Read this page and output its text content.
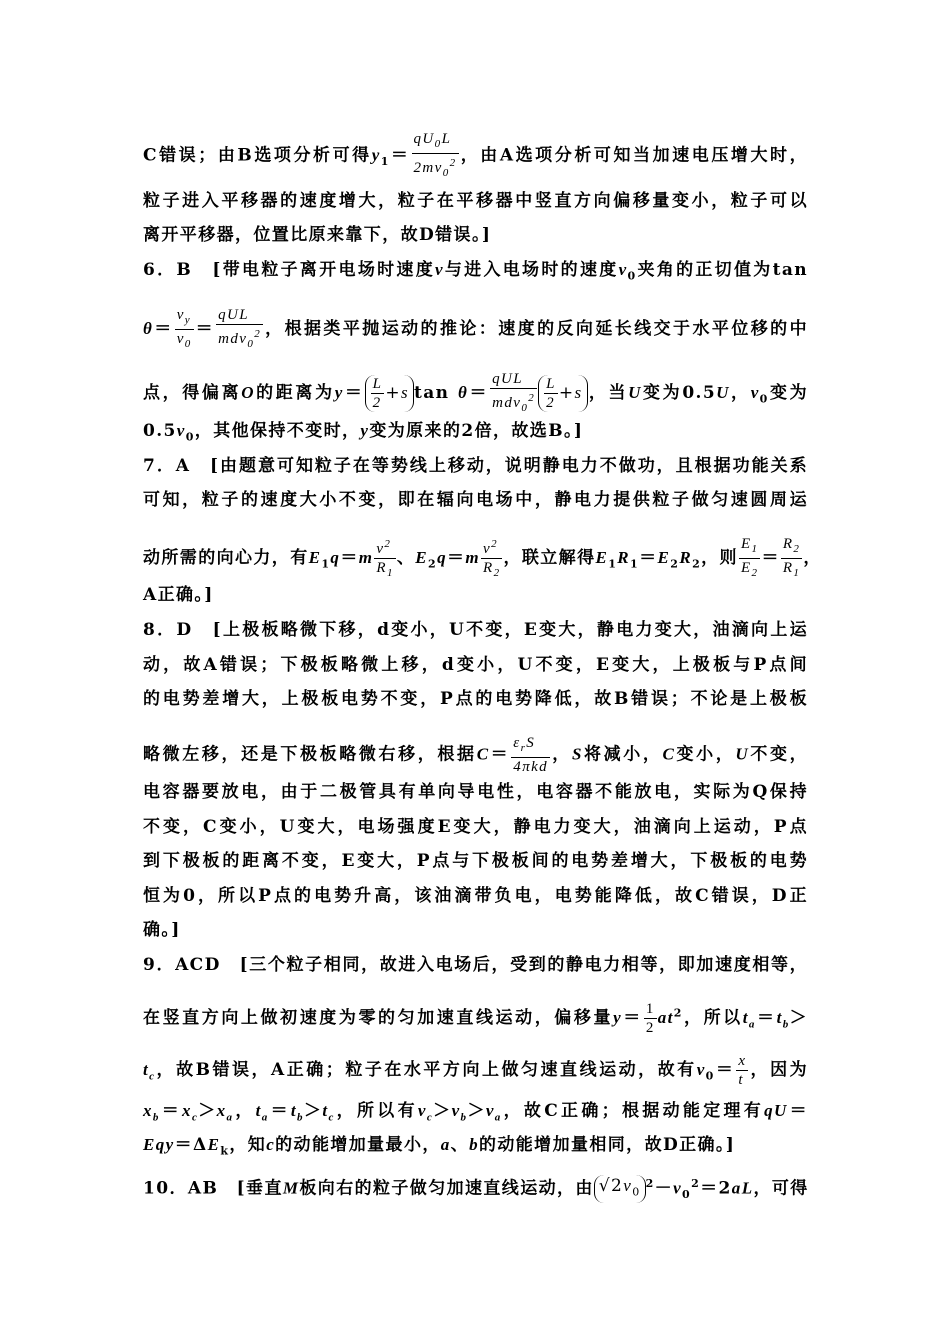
C错误；由B选项分析可得$y_1= \frac{qU_0L}{2mv_0^2}$ ，由A选项分析可知当加速电压增大时，
粒子进入平移器的速度增大，粒子在平移器中竖直方向偏移量变小，粒子可以
离开平移器，位置比原来靠下，故D错误。]
6．B　[带电粒子离开电场时速度v与进入电场时的速度$v_0$夹角的正切值为tan
$\theta= \frac{v_y}{v_0} = \frac{\text{qUL}}{mdv_0^2}$ ，根据类平抛运动的推论：速度的反向延长线交于水平位移的中
点，得偏离O的距离为$y= \frac{L}{2} +s$ $\tan \theta= \frac{\text{qUL}}{mdv_0^2} \frac{L}{2} +s$ ，当U变为0.5U，$v_0$变为
$0.5v_0$，其他保持不变时，y变为原来的2倍，故选B。]
7．A　[由题意可知粒子在等势线上移动，说明静电力不做功，且根据功能关系
可知，粒子的速度大小不变，即在辐向电场中，静电力提供粒子做匀速圆周运
动所需的向心力，有$E_1q=m \frac{v^2}{R_1}$ 、$E_2q=m \frac{v^2}{R_2}$ ，联立解得$E_1R_1=E_2R_2$，则 $\frac{E_1}{E_2} = \frac{R_2}{R_1}$ ，
A正确。]
8．D　[上极板略微下移，d变小，U不变，E变大，静电力变大，油滴向上运
动，故A错误；下极板略微上移，d变小，U不变，E变大，上极板与P点间
的电势差增大，上极板电势不变，P点的电势降低，故B错误；不论是上极板
略微左移，还是下极板略微右移，根据$C= \frac{\varepsilon_rS}{\text{4πkd}}$ ，S将减小，C变小，U不变，
电容器要放电，由于二极管具有单向导电性，电容器不能放电，实际为Q保持
不变，C变小，U变大，电场强度E变大，静电力变大，油滴向上运动，P点
到下极板的距离不变，E变大，P点与下极板间的电势差增大，下极板的电势
恒为0，所以P点的电势升高，该油滴带负电，电势能降低，故C错误，D正
确。]
9．ACD　[三个粒子相同，故进入电场后，受到的静电力相等，即加速度相等，
在竖直方向上做初速度为零的匀加速直线运动，偏移量$y= \frac{1}{2} at^2$，所以$t_a=t_b>$
$t_c$，故B错误，A正确；粒子在水平方向上做匀速直线运动，故有$v_0= \frac{x}{t}$ ，因为
$x_b=x_c>x_a$，$t_a=t_b>t_c$，所以有$v_c>v_b>v_a$，故C正确；根据动能定理有qU＝
$Eqy=\Delta E_k$，知c的动能增加量最小，a、b的动能增加量相同，故D正确。]
10．AB　[垂直M板向右的粒子做匀加速直线运动，由 $√2v_0^2-v_0^2=2aL$，可得
